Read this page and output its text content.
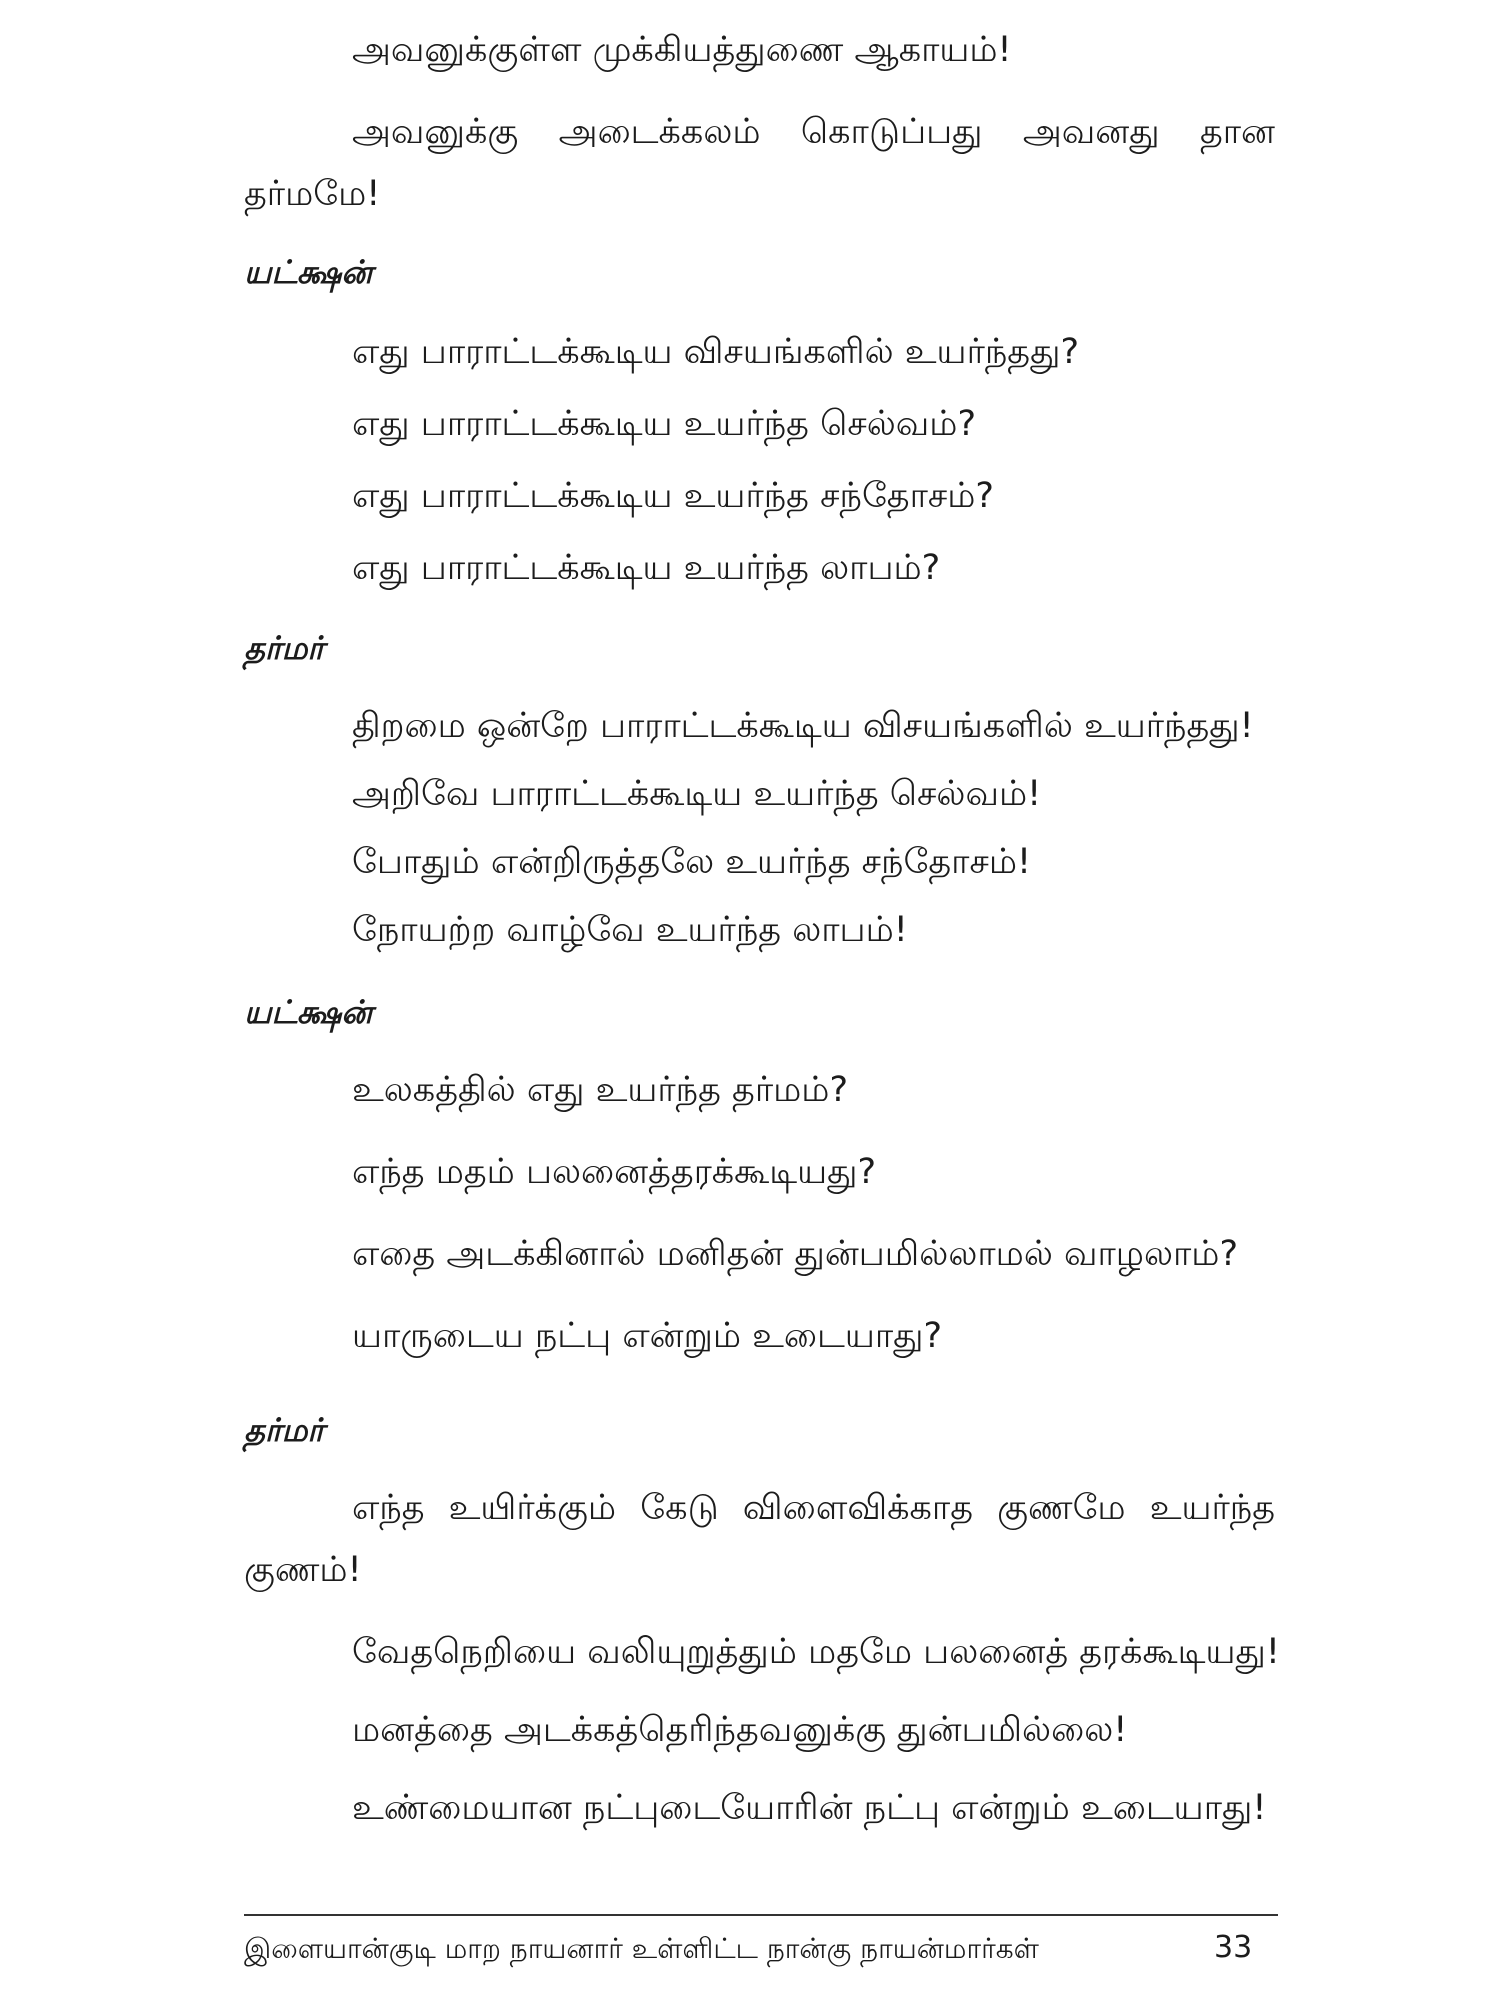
அவனுக்குள்ள முக்கியத்துணை ஆகாயம்!
அவனுக்கு அடைக்கலம் கொடுப்பது அவனது தான
தர்மமே!
யட்க்ஷன்
எது பாராட்டக்கூடிய விசயங்களில் உயர்ந்தது?
எது பாராட்டக்கூடிய உயர்ந்த செல்வம்?
எது பாராட்டக்கூடிய உயர்ந்த சந்தோசம்?
எது பாராட்டக்கூடிய உயர்ந்த லாபம்?
தர்மர்
திறமை ஒன்றே பாராட்டக்கூடிய விசயங்களில் உயர்ந்தது!
அறிவே பாராட்டக்கூடிய உயர்ந்த செல்வம்!
போதும் என்றிருத்தலே உயர்ந்த சந்தோசம்!
நோயற்ற வாழ்வே உயர்ந்த லாபம்!
யட்க்ஷன்
உலகத்தில் எது உயர்ந்த தர்மம்?
எந்த மதம் பலனைத்தரக்கூடியது?
எதை அடக்கினால் மனிதன் துன்பமில்லாமல் வாழலாம்?
யாருடைய நட்பு என்றும் உடையாது?
தர்மர்
எந்த உயிர்க்கும் கேடு விளைவிக்காத குணமே உயர்ந்த
குணம்!
வேதநெறியை வலியுறுத்தும் மதமே பலனைத் தரக்கூடியது!
மனத்தை அடக்கத்தெரிந்தவனுக்கு துன்பமில்லை!
உண்மையான நட்புடையோரின் நட்பு என்றும் உடையாது!
இளையான்குடி மாற நாயனார் உள்ளிட்ட நான்கு நாயன்மார்கள்	33
